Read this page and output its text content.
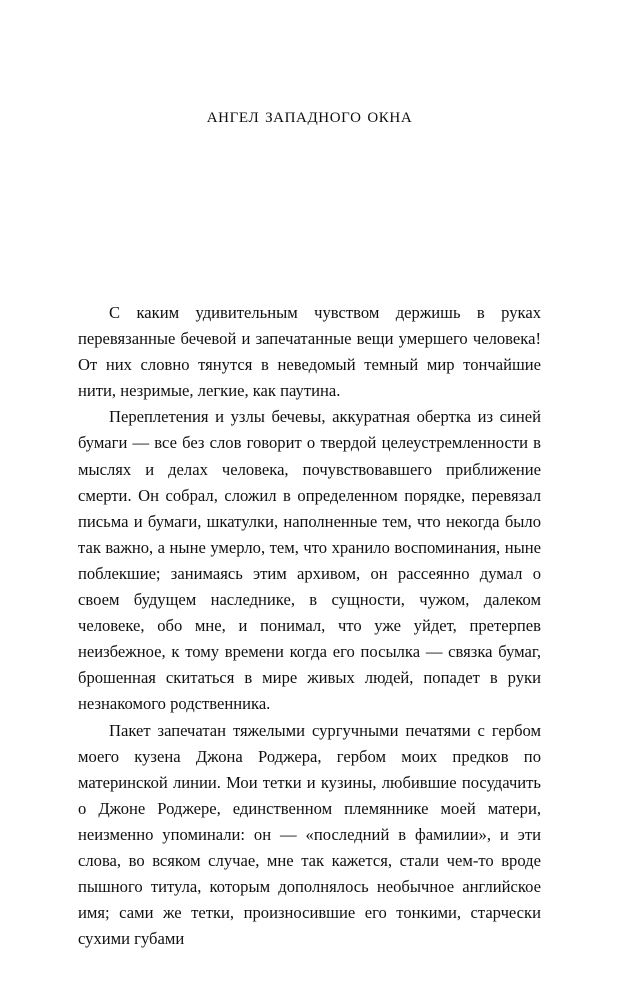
ангел западного окна

С каким удивительным чувством держишь в руках перевязанные бечевой и запечатанные вещи умершего человека! От них словно тянутся в неведомый темный мир тончайшие нити, незримые, легкие, как паутина.

Переплетения и узлы бечевы, аккуратная обертка из синей бумаги — все без слов говорит о твердой целеустремленности в мыслях и делах человека, почувствовавшего приближение смерти. Он собрал, сложил в определенном порядке, перевязал письма и бумаги, шкатулки, наполненные тем, что некогда было так важно, а ныне умерло, тем, что хранило воспоминания, ныне поблекшие; занимаясь этим архивом, он рассеянно думал о своем будущем наследнике, в сущности, чужом, далеком человеке, обо мне, и понимал, что уже уйдет, претерпев неизбежное, к тому времени когда его посылка — связка бумаг, брошенная скитаться в мире живых людей, попадет в руки незнакомого родственника.

Пакет запечатан тяжелыми сургучными печатями с гербом моего кузена Джона Роджера, гербом моих предков по материнской линии. Мои тетки и кузины, любившие посудачить о Джоне Роджере, единственном племяннике моей матери, неизменно упоминали: он — «последний в фамилии», и эти слова, во всяком случае, мне так кажется, стали чем-то вроде пышного титула, которым дополнялось необычное английское имя; сами же тетки, произносившие его тонкими, старчески сухими губами
